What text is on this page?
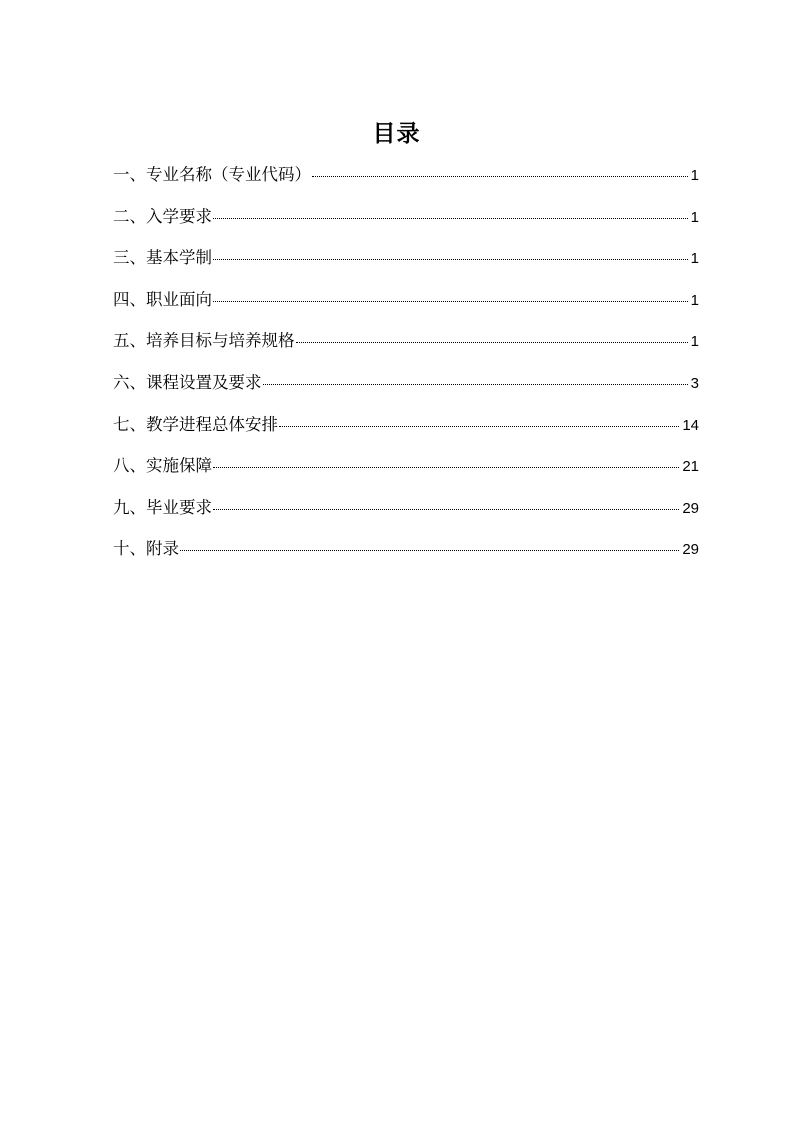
目录
一、专业名称（专业代码）	1
二、入学要求	1
三、基本学制	1
四、职业面向	1
五、培养目标与培养规格	1
六、课程设置及要求	3
七、教学进程总体安排	14
八、实施保障	21
九、毕业要求	29
十、附录	29
